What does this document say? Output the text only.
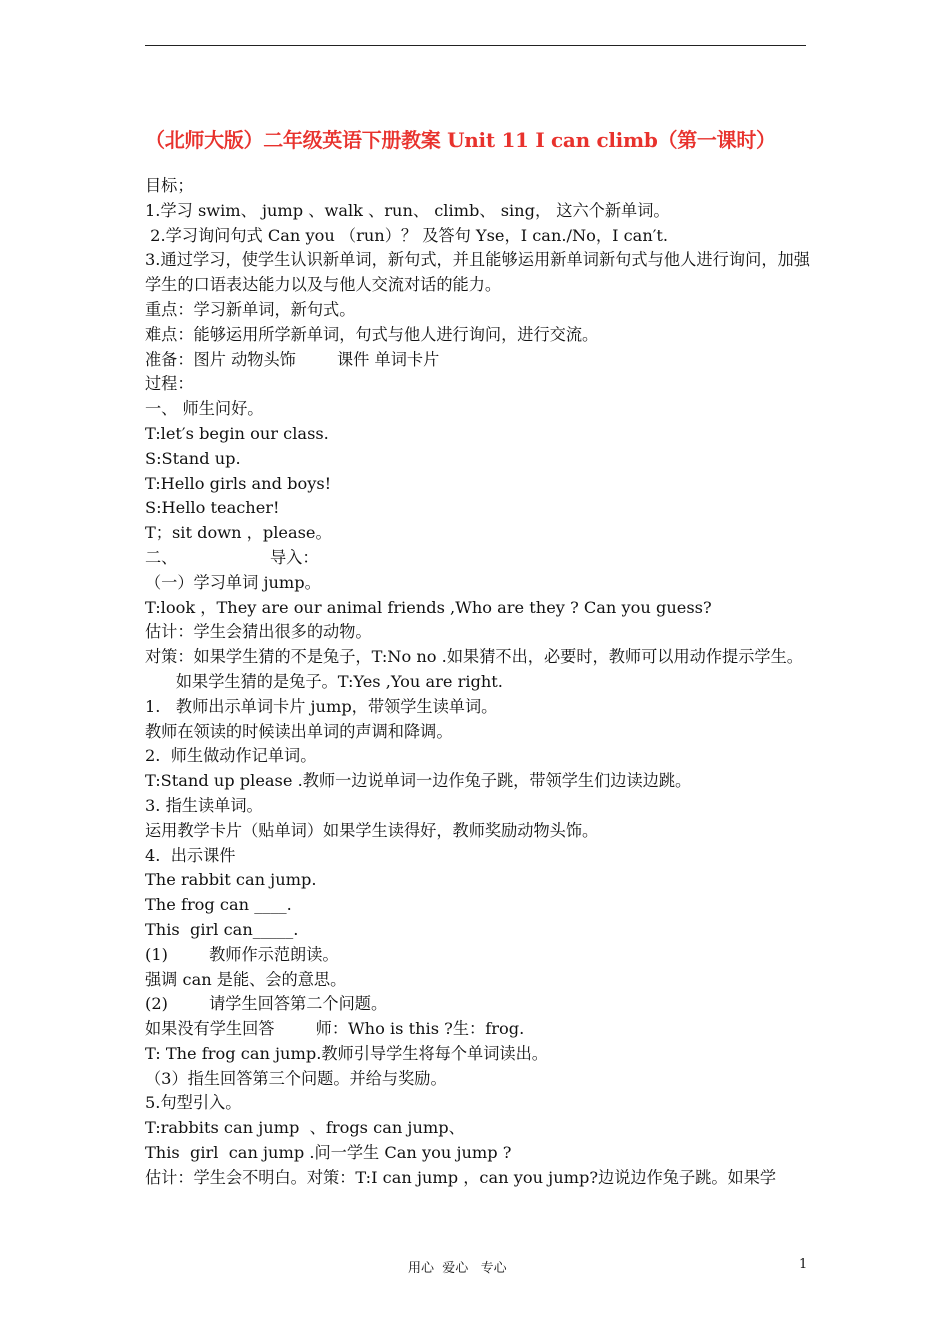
（北师大版）二年级英语下册教案 Unit 11 I can climb（第一课时）
目标；
1.学习 swim、 jump 、walk 、run、 climb、 sing， 这六个新单词。
2.学习询问句式 Can you （run）？ 及答句 Yse，I can./No，I can′t.
3.通过学习，使学生认识新单词，新句式，并且能够运用新单词新句式与他人进行询问，加强学生的口语表达能力以及与他人交流对话的能力。
重点：学习新单词，新句式。
难点：能够运用所学新单词，句式与他人进行询问，进行交流。
准备：图片 动物头饰        课件 单词卡片
过程：
一、 师生问好。
T:let′s begin our class.
S:Stand up.
T:Hello girls and boys!
S:Hello teacher!
T；sit down ，please。
二、                  导入：
（一）学习单词 jump。
T:look ，They are our animal friends ,Who are they ? Can you guess?
估计：学生会猜出很多的动物。
对策：如果学生猜的不是兔子，T:No no .如果猜不出，必要时，教师可以用动作提示学生。
如果学生猜的是兔子。T:Yes ,You are right.
1.   教师出示单词卡片 jump，带领学生读单词。
教师在领读的时候读出单词的声调和降调。
2.  师生做动作记单词。
T:Stand up please .教师一边说单词一边作兔子跳，带领学生们边读边跳。
3. 指生读单词。
运用教学卡片（贴单词）如果学生读得好，教师奖励动物头饰。
4.  出示课件
The rabbit can jump.
The frog can ____.
This  girl can_____.
(1)        教师作示范朗读。
强调 can 是能、会的意思。
(2)        请学生回答第二个问题。
如果没有学生回答        师：Who is this ?生：frog.
T: The frog can jump.教师引导学生将每个单词读出。
（3）指生回答第三个问题。并给与奖励。
5.句型引入。
T:rabbits can jump  、frogs can jump、
This  girl  can jump .问一学生 Can you jump ?
估计：学生会不明白。对策：T:I can jump ，can you jump?边说边作兔子跳。如果学
用心  爱心   专心	1
